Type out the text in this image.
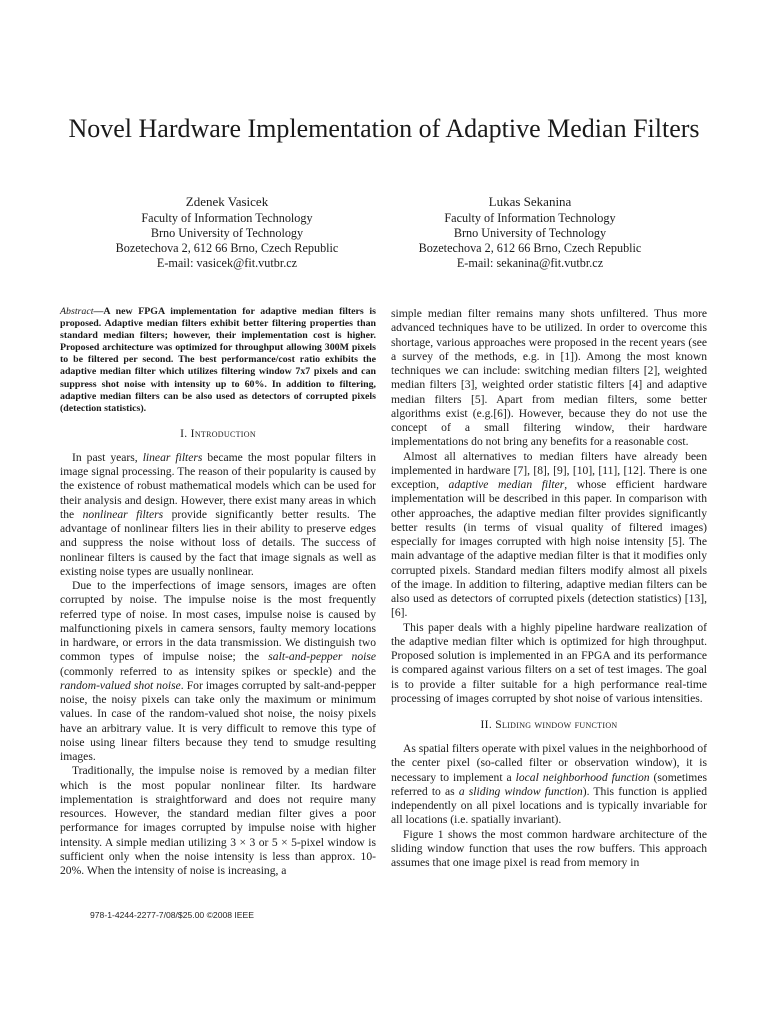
Novel Hardware Implementation of Adaptive Median Filters
Zdenek Vasicek
Faculty of Information Technology
Brno University of Technology
Bozetechova 2, 612 66 Brno, Czech Republic
E-mail: vasicek@fit.vutbr.cz
Lukas Sekanina
Faculty of Information Technology
Brno University of Technology
Bozetechova 2, 612 66 Brno, Czech Republic
E-mail: sekanina@fit.vutbr.cz

Abstract—A new FPGA implementation for adaptive median filters is proposed. Adaptive median filters exhibit better filtering properties than standard median filters; however, their implementation cost is higher. Proposed architecture was optimized for throughput allowing 300M pixels to be filtered per second. The best performance/cost ratio exhibits the adaptive median filter which utilizes filtering window 7x7 pixels and can suppress shot noise with intensity up to 60%. In addition to filtering, adaptive median filters can be also used as detectors of corrupted pixels (detection statistics).

I. Introduction

In past years, linear filters became the most popular filters in image signal processing. The reason of their popularity is caused by the existence of robust mathematical models which can be used for their analysis and design. However, there exist many areas in which the nonlinear filters provide significantly better results. The advantage of nonlinear filters lies in their ability to preserve edges and suppress the noise without loss of details. The success of nonlinear filters is caused by the fact that image signals as well as existing noise types are usually nonlinear.

Due to the imperfections of image sensors, images are often corrupted by noise. The impulse noise is the most frequently referred type of noise. In most cases, impulse noise is caused by malfunctioning pixels in camera sensors, faulty memory locations in hardware, or errors in the data transmission. We distinguish two common types of impulse noise; the salt-and-pepper noise (commonly referred to as intensity spikes or speckle) and the random-valued shot noise. For images corrupted by salt-and-pepper noise, the noisy pixels can take only the maximum or minimum values. In case of the random-valued shot noise, the noisy pixels have an arbitrary value. It is very difficult to remove this type of noise using linear filters because they tend to smudge resulting images.

Traditionally, the impulse noise is removed by a median filter which is the most popular nonlinear filter. Its hardware implementation is straightforward and does not require many resources. However, the standard median filter gives a poor performance for images corrupted by impulse noise with higher intensity. A simple median utilizing 3 × 3 or 5 × 5-pixel window is sufficient only when the noise intensity is less than approx. 10-20%. When the intensity of noise is increasing, a

simple median filter remains many shots unfiltered. Thus more advanced techniques have to be utilized. In order to overcome this shortage, various approaches were proposed in the recent years (see a survey of the methods, e.g. in [1]). Among the most known techniques we can include: switching median filters [2], weighted median filters [3], weighted order statistic filters [4] and adaptive median filters [5]. Apart from median filters, some better algorithms exist (e.g.[6]). However, because they do not use the concept of a small filtering window, their hardware implementations do not bring any benefits for a reasonable cost.

Almost all alternatives to median filters have already been implemented in hardware [7], [8], [9], [10], [11], [12]. There is one exception, adaptive median filter, whose efficient hardware implementation will be described in this paper. In comparison with other approaches, the adaptive median filter provides significantly better results (in terms of visual quality of filtered images) especially for images corrupted with high noise intensity [5]. The main advantage of the adaptive median filter is that it modifies only corrupted pixels. Standard median filters modify almost all pixels of the image. In addition to filtering, adaptive median filters can be also used as detectors of corrupted pixels (detection statistics) [13], [6].

This paper deals with a highly pipeline hardware realization of the adaptive median filter which is optimized for high throughput. Proposed solution is implemented in an FPGA and its performance is compared against various filters on a set of test images. The goal is to provide a filter suitable for a high performance real-time processing of images corrupted by shot noise of various intensities.

II. Sliding window function

As spatial filters operate with pixel values in the neighborhood of the center pixel (so-called filter or observation window), it is necessary to implement a local neighborhood function (sometimes referred to as a sliding window function). This function is applied independently on all pixel locations and is typically invariable for all locations (i.e. spatially invariant).

Figure 1 shows the most common hardware architecture of the sliding window function that uses the row buffers. This approach assumes that one image pixel is read from memory in

978-1-4244-2277-7/08/$25.00 ©2008 IEEE
